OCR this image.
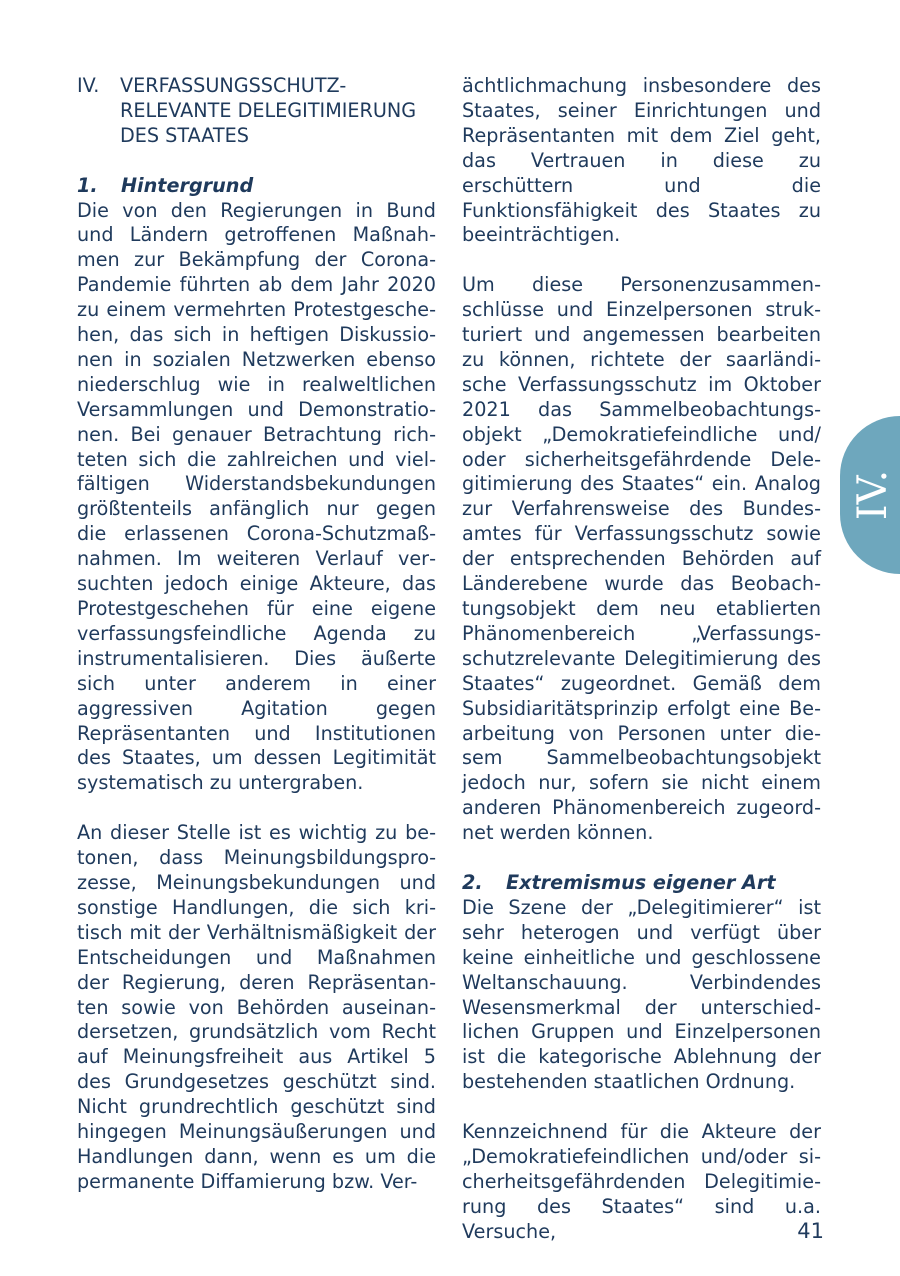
IV.	VERFASSUNGSSCHUTZ-RELEVANTE DELEGITIMIERUNG DES STAATES
1.	Hintergrund

Die von den Regierungen in Bund und Ländern getroffenen Maßnahmen zur Bekämpfung der Corona-Pandemie führten ab dem Jahr 2020 zu einem vermehrten Protestgeschehen, das sich in heftigen Diskussionen in sozialen Netzwerken ebenso niederschlug wie in realweltlichen Versammlungen und Demonstrationen. Bei genauer Betrachtung richteten sich die zahlreichen und vielfältigen Widerstandsbekundungen größtenteils anfänglich nur gegen die erlassenen Corona-Schutzmaßnahmen. Im weiteren Verlauf versuchten jedoch einige Akteure, das Protestgeschehen für eine eigene verfassungsfeindliche Agenda zu instrumentalisieren. Dies äußerte sich unter anderem in einer aggressiven Agitation gegen Repräsentanten und Institutionen des Staates, um dessen Legitimität systematisch zu untergraben.

An dieser Stelle ist es wichtig zu betonen, dass Meinungsbildungsprozesse, Meinungsbekundungen und sonstige Handlungen, die sich kritisch mit der Verhältnismäßigkeit der Entscheidungen und Maßnahmen der Regierung, deren Repräsentanten sowie von Behörden auseinandersetzen, grundsätzlich vom Recht auf Meinungsfreiheit aus Artikel 5 des Grundgesetzes geschützt sind. Nicht grundrechtlich geschützt sind hingegen Meinungsäußerungen und Handlungen dann, wenn es um die permanente Diffamierung bzw. Ver-

IV.
41

ächtlichmachung insbesondere des Staates, seiner Einrichtungen und Repräsentanten mit dem Ziel geht, das Vertrauen in diese zu erschüttern und die Funktionsfähigkeit des Staates zu beeinträchtigen.

Um diese Personenzusammenschlüsse und Einzelpersonen strukturiert und angemessen bearbeiten zu können, richtete der saarländische Verfassungsschutz im Oktober 2021 das Sammelbeobachtungsobjekt „Demokratiefeindliche und/​oder sicherheitsgefährdende Delegitimierung des Staates“ ein. Analog zur Verfahrensweise des Bundesamtes für Verfassungsschutz sowie der entsprechenden Behörden auf Länderebene wurde das Beobachtungsobjekt dem neu etablierten Phänomenbereich „Verfassungsschutzrelevante Delegitimierung des Staates“ zugeordnet. Gemäß dem Subsidiaritätsprinzip erfolgt eine Bearbeitung von Personen unter diesem Sammelbeobachtungsobjekt jedoch nur, sofern sie nicht einem anderen Phänomenbereich zugeordnet werden können.

2.	Extremismus eigener Art

Die Szene der „Delegitimierer“ ist sehr heterogen und verfügt über keine einheitliche und geschlossene Weltanschauung. Verbindendes Wesensmerkmal der unterschiedlichen Gruppen und Einzelpersonen ist die kategorische Ablehnung der bestehenden staatlichen Ordnung.

Kennzeichnend für die Akteure der „Demokratiefeindlichen und/​oder sicherheitsgefährdenden Delegitimierung des Staates“ sind u.a. Versuche,
